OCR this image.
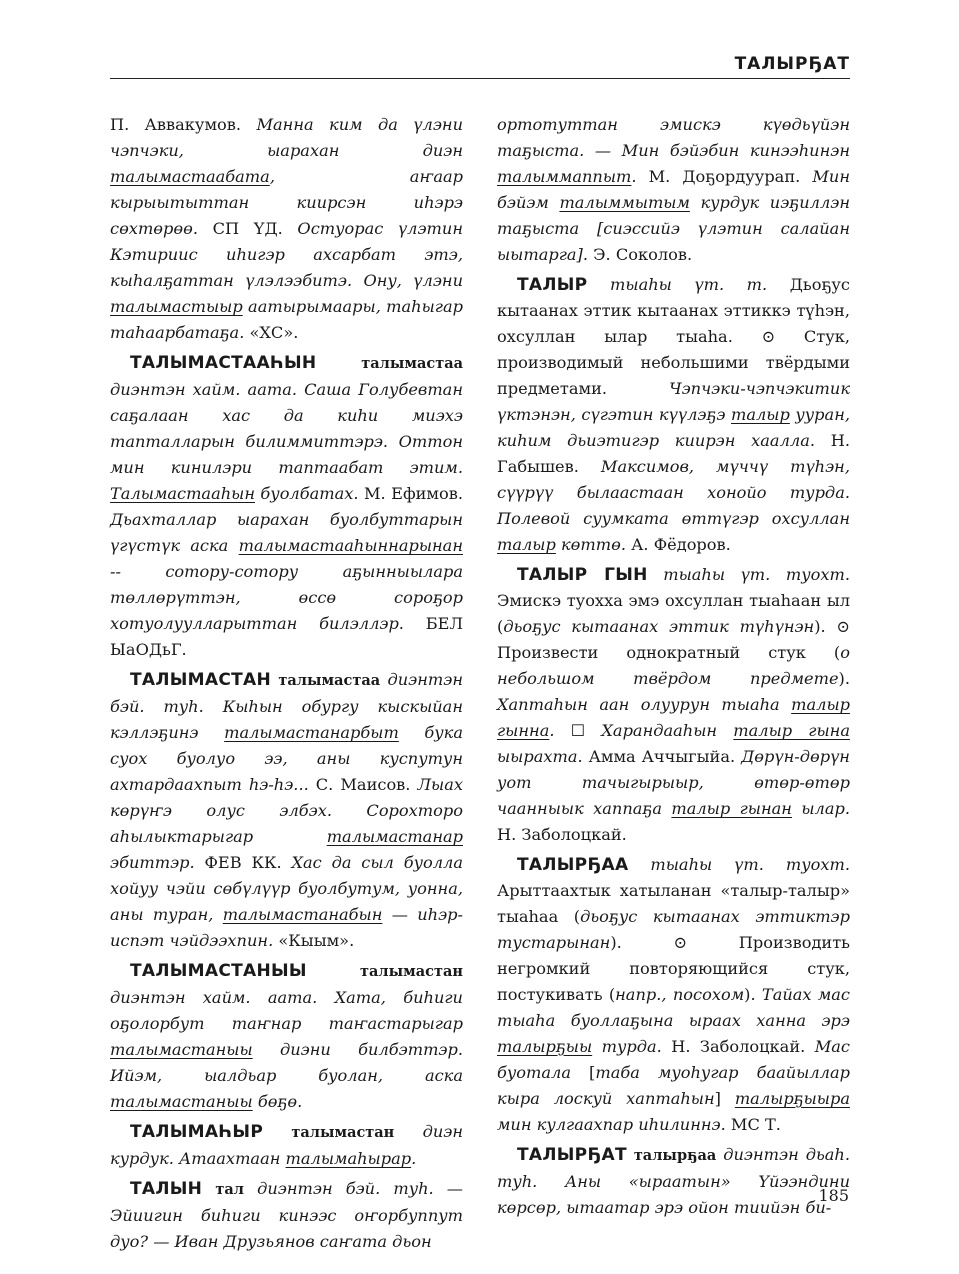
ТАЛЫРҔАТ

П. Аввакумов. Манна ким да үлэни чэпчэки, ыарахан диэн талымастаабата, аҥаар кырыытыттан киирсэн иһэрэ сөхтөрөө. СП ҮД. Остуорас үлэтин Кэтириис иһигэр ахсарбат этэ, кыһалҕаттан үлэлээбитэ. Ону, үлэни талымастыыр аатырымаары, таһыгар таһаарбатаҕа. «ХС».

ТАЛЫМАСТААҺЫН	талымастаа диэнтэн хайм. аата. Саша Голубевтан саҕалаан хас да киһи миэхэ тапталларын билиммиттэрэ. Оттон мин кинилэри таптаабат этим. Талымастааһын буолбатах. М. Ефимов. Дьахталлар ыарахан буолбуттарын үгүстүк аска талымастааһыннарынан -- сотору-сотору аҕынныылара төллөрүттэн, өссө сороҕор хотуолуулларыттан билэллэр. БЕЛ ЫаОДьГ.

ТАЛЫМАСТАН талымастаа диэнтэн бэй. туһ. Кыһын обургу кыскыйан кэллэҕинэ талымастанарбыт бука суох буолуо ээ, аны куспутун ахтардаахпыт һэ-һэ... С. Маисов. Лыах көрүҥэ олус элбэх. Сорохторо аһылыктарыгар талымастанар эбиттэр. ФЕВ КК. Хас да сыл буолла хойуу чэйи сөбүлүүр буолбутум, уонна, аны туран, талымастанабын — иһэр-испэт чэйдээхпин. «Кыым».

ТАЛЫМАСТАНЫЫ	талымастан диэнтэн хайм. аата. Хата, биһиги оҕолорбут таҥнар таҥастарыгар талымастаныы диэни билбэттэр. Ийэм, ыалдьар буолан, аска талымастаныы бөҕө.

ТАЛЫМАҺЫР талымастан диэн курдук. Атаахтаан талымаһырар.

ТАЛЫН тал диэнтэн бэй. туһ. — Эйиигин биһиги кинээс оҥорбуппут дуо? — Иван Друзьянов саҥата дьон

ортотуттан эмискэ күөдьүйэн таҕыста. — Мин бэйэбин кинээһинэн талыммаппыт. М. Доҕордуурап. Мин бэйэм талыммытым курдук иэҕиллэн таҕыста [сиэссийэ үлэтин салайан ыытарга]. Э. Соколов.

ТАЛЫР тыаһы үт. т. Дьоҕус кытаанах эттик кытаанах эттиккэ түһэн, охсуллан ылар тыаһа. ⊙ Стук, производимый небольшими твёрдыми предметами. Чэпчэки-чэпчэкитик үктэнэн, сүгэтин күүлэҕэ талыр ууран, киһим дьиэтигэр киирэн хаалла. Н. Габышев. Максимов, мүччү түһэн, сүүрүү былаастаан хонойо турда. Полевой суумката өттүгэр охсуллан талыр көттө. А. Фёдоров.

ТАЛЫР ГЫН тыаһы үт. туохт. Эмискэ туохха эмэ охсуллан тыаһаан ыл (дьоҕус кытаанах эттик түһүнэн). ⊙ Произвести однократный стук (о небольшом твёрдом предмете). Хаптаһын аан олуурун тыаһа талыр гынна. ☐ Харандааһын талыр гына ыырахта. Амма Аччыгыйа. Дөрүн-дөрүн уот тачыгырыыр, өтөр-өтөр чаанныык хаппаҕа талыр гынан ылар. Н. Заболоцкай.

ТАЛЫРҔАА тыаһы үт. туохт. Арыттаахтык хатыланан «талыр-талыр» тыаһаа (дьоҕус кытаанах эттиктэр тустарынан). ⊙ Производить негромкий повторяющийся стук, постукивать (напр., посохом). Тайах мас тыаһа буоллаҕына ыраах ханна эрэ талырҕыы турда. Н. Заболоцкай. Мас буотала [таба муоһугар баайыллар кыра лоскуй хаптаһын] талырҕыыра мин кулгаахпар иһилиннэ. МС Т.

ТАЛЫРҔАТ талырҕаа диэнтэн дьаһ. туһ. Аны «ыраатын» Үйээндини көрсөр, ытаатар эрэ ойон тиийэн би-

185
